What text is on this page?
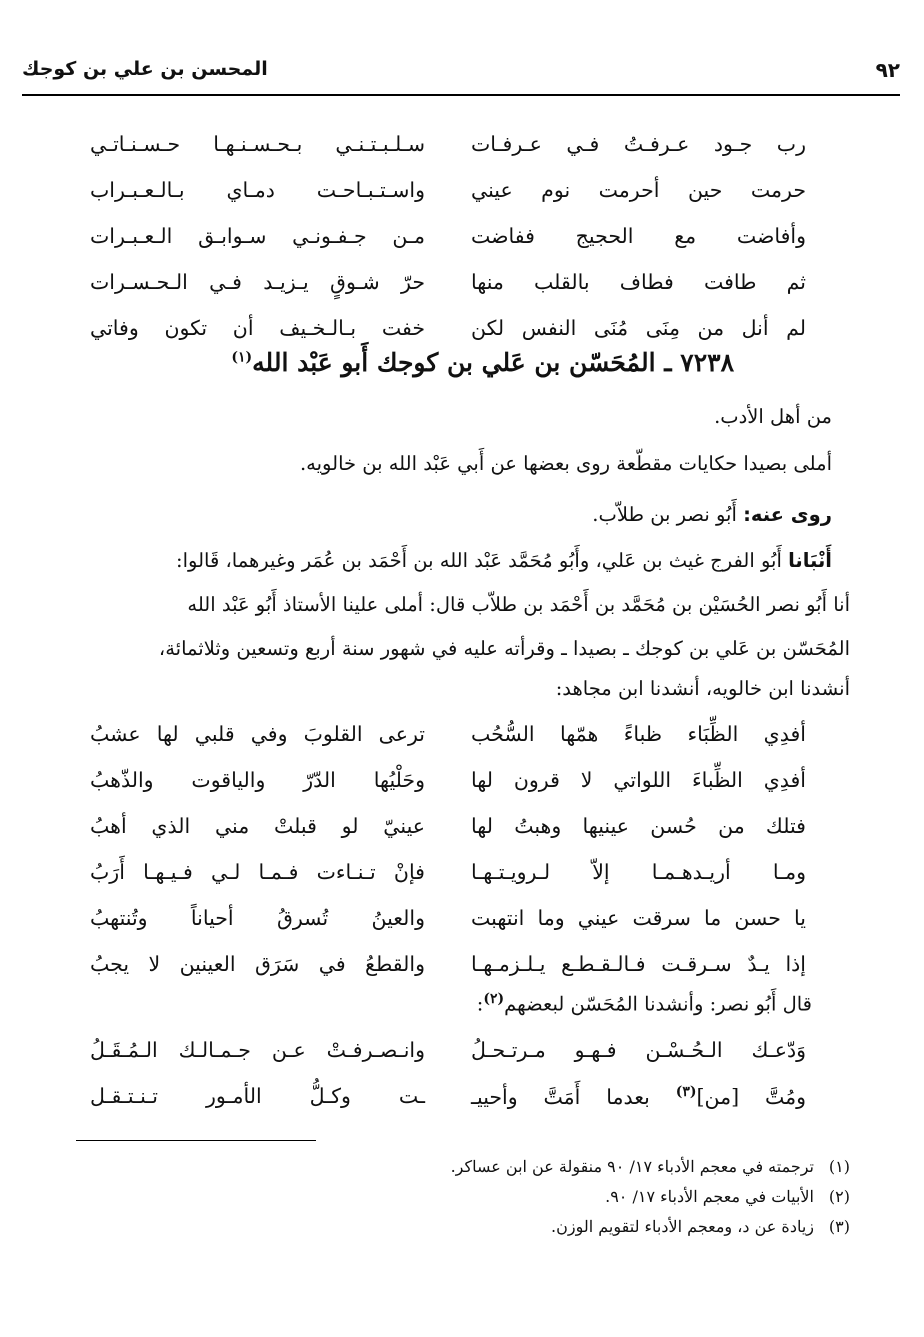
٩٢
المحسن بن علي بن كوجك
رب جـود عـرفـتُ فـي عـرفـات
سـلـبـتـنـي بـحـسـنـهـا حـسـنـاتـي
حرمت حين أحرمت نوم عيني
واسـتـبـاحـت دمـاي بـالـعـبـراب
وأفاضت مع الحجيج ففاضت
مـن جـفـونـي سـوابـق الـعـبـرات
ثم طافت فطاف بالقلب منها
حرّ شـوقٍ يـزيـد فـي الـحـسـرات
لم أنل من مِنَى مُنَى النفس لكن
خفت بـالـخـيف أن تكون وفاتي
٧٢٣٨ ـ المُحَسّن بن عَلي بن كوجك أَبو عَبْد الله$^{(١)}$
من أهل الأدب.
أملى بصيدا حكايات مقطّعة روى بعضها عن أَبي عَبْد الله بن خالويه.
روى عنه: أَبُو نصر بن طلاّب.
أَنْبَانا أَبُو الفرج غيث بن عَلي، وأَبُو مُحَمَّد عَبْد الله بن أَحْمَد بن عُمَر وغيرهما، قَالوا:
أنا أَبُو نصر الحُسَيْن بن مُحَمَّد بن أَحْمَد بن طلاّب قال: أملى علينا الأستاذ أَبُو عَبْد الله
المُحَسّن بن عَلي بن كوجك ـ بصيدا ـ وقرأته عليه في شهور سنة أربع وتسعين وثلاثمائة،
أنشدنا ابن خالويه، أنشدنا ابن مجاهد:
أفدِي الظِّبَاء ظباءً همّها السُّحُب
ترعى القلوبَ وفي قلبي لها عشبُ
أفدِي الظِّباءَ اللواتي لا قرون لها
وحَلْيُها الدّرّ والياقوت والذّهبُ
فتلك من حُسن عينيها وهبتُ لها
عينيّ لو قبلتْ مني الذي أهبُ
ومـا أريـدهـمـا إلاّ لـرويـتـهـا
فإنْ تـنـاءت فـمـا لـي فـيـهـا أَرَبُ
يا حسن ما سرقت عيني وما انتهبت
والعينُ تُسرقُ أحياناً وتُنتهبُ
إذا يـدٌ سـرقـت فـالـقـطـع يـلـزمـهـا
والقطعُ في سَرَق العينين لا يجبُ
قال أَبُو نصر: وأنشدنا المُحَسّن لبعضهم$^{(٢)}$:
وَدّعـك الـحُـسْـن فـهـو مـرتـحـلُ
وانـصـرفـتْ عـن جـمـالـك الـمُـقَـلُ
ومُتَّ [من]$^{(٣)}$ بعدما أَمَتَّ وأحييـ
ـت وكـلُّ الأمـور تـنـتـقـل
(١)ترجمته في معجم الأدباء ١٧/ ٩٠ منقولة عن ابن عساكر.
(٢)الأبيات في معجم الأدباء ١٧/ ٩٠.
(٣)زيادة عن د، ومعجم الأدباء لتقويم الوزن.
